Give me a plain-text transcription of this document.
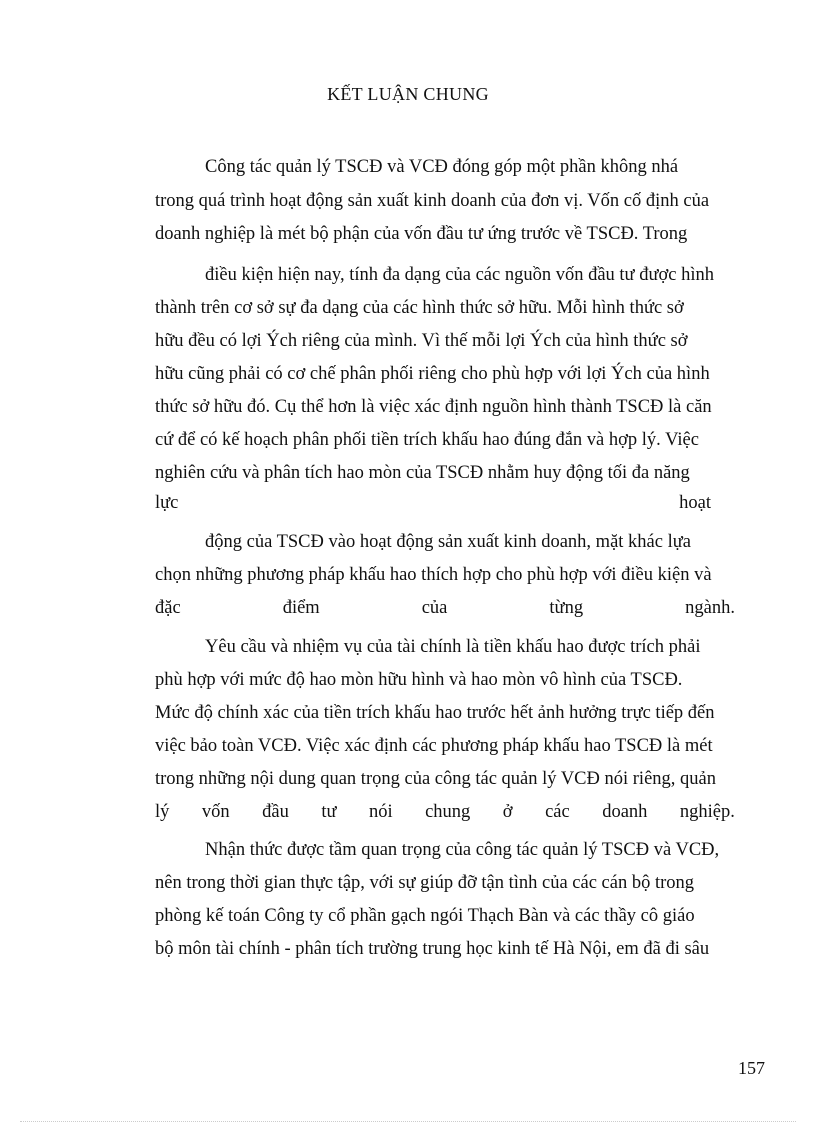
KẾT LUẬN CHUNG
Công tác quản lý TSCĐ và VCĐ đóng góp một phần không nhá
trong quá trình hoạt động sản xuất kinh doanh của đơn vị. Vốn cố định của
doanh nghiệp là mét bộ phận của vốn đầu tư ứng trước về TSCĐ. Trong
điều kiện hiện nay, tính đa dạng của các nguồn vốn đầu tư được hình
thành trên cơ sở sự đa dạng của các hình thức sở hữu. Mỗi hình thức sở
hữu đều có lợi Ých riêng của mình. Vì thế mỗi lợi Ých của hình thức sở
hữu cũng phải có cơ chế phân phối riêng cho phù hợp với lợi Ých của hình
thức sở hữu đó. Cụ thể hơn là việc xác định nguồn hình thành TSCĐ là căn
cứ để có kế hoạch phân phối tiền trích khấu hao đúng đắn và hợp lý. Việc
nghiên cứu và phân tích hao mòn của TSCĐ nhằm huy động tối đa năng
lực	hoạt
động của TSCĐ vào hoạt động sản xuất kinh doanh, mặt khác lựa
chọn những phương pháp khấu hao thích hợp cho phù hợp với điều kiện và
đặc	điểm	của	từng	ngành.
Yêu cầu và nhiệm vụ của tài chính là tiền khấu hao được trích phải
phù hợp với mức độ hao mòn hữu hình và hao mòn vô hình của TSCĐ.
Mức độ chính xác của tiền trích khấu hao trước hết ảnh hưởng trực tiếp đến
việc bảo toàn VCĐ. Việc xác định các phương pháp khấu hao TSCĐ là mét
trong những nội dung quan trọng của công tác quản lý VCĐ nói riêng, quản
lý vốn đầu tư nói chung ở các doanh nghiệp.
Nhận thức được tầm quan trọng của công tác quản lý TSCĐ và VCĐ,
nên trong thời gian thực tập, với sự giúp đỡ tận tình của các cán bộ trong
phòng kế toán Công ty cổ phần gạch ngói Thạch Bàn và các thầy cô giáo
bộ môn tài chính - phân tích trường trung học kinh tế Hà Nội, em đã đi sâu
157
